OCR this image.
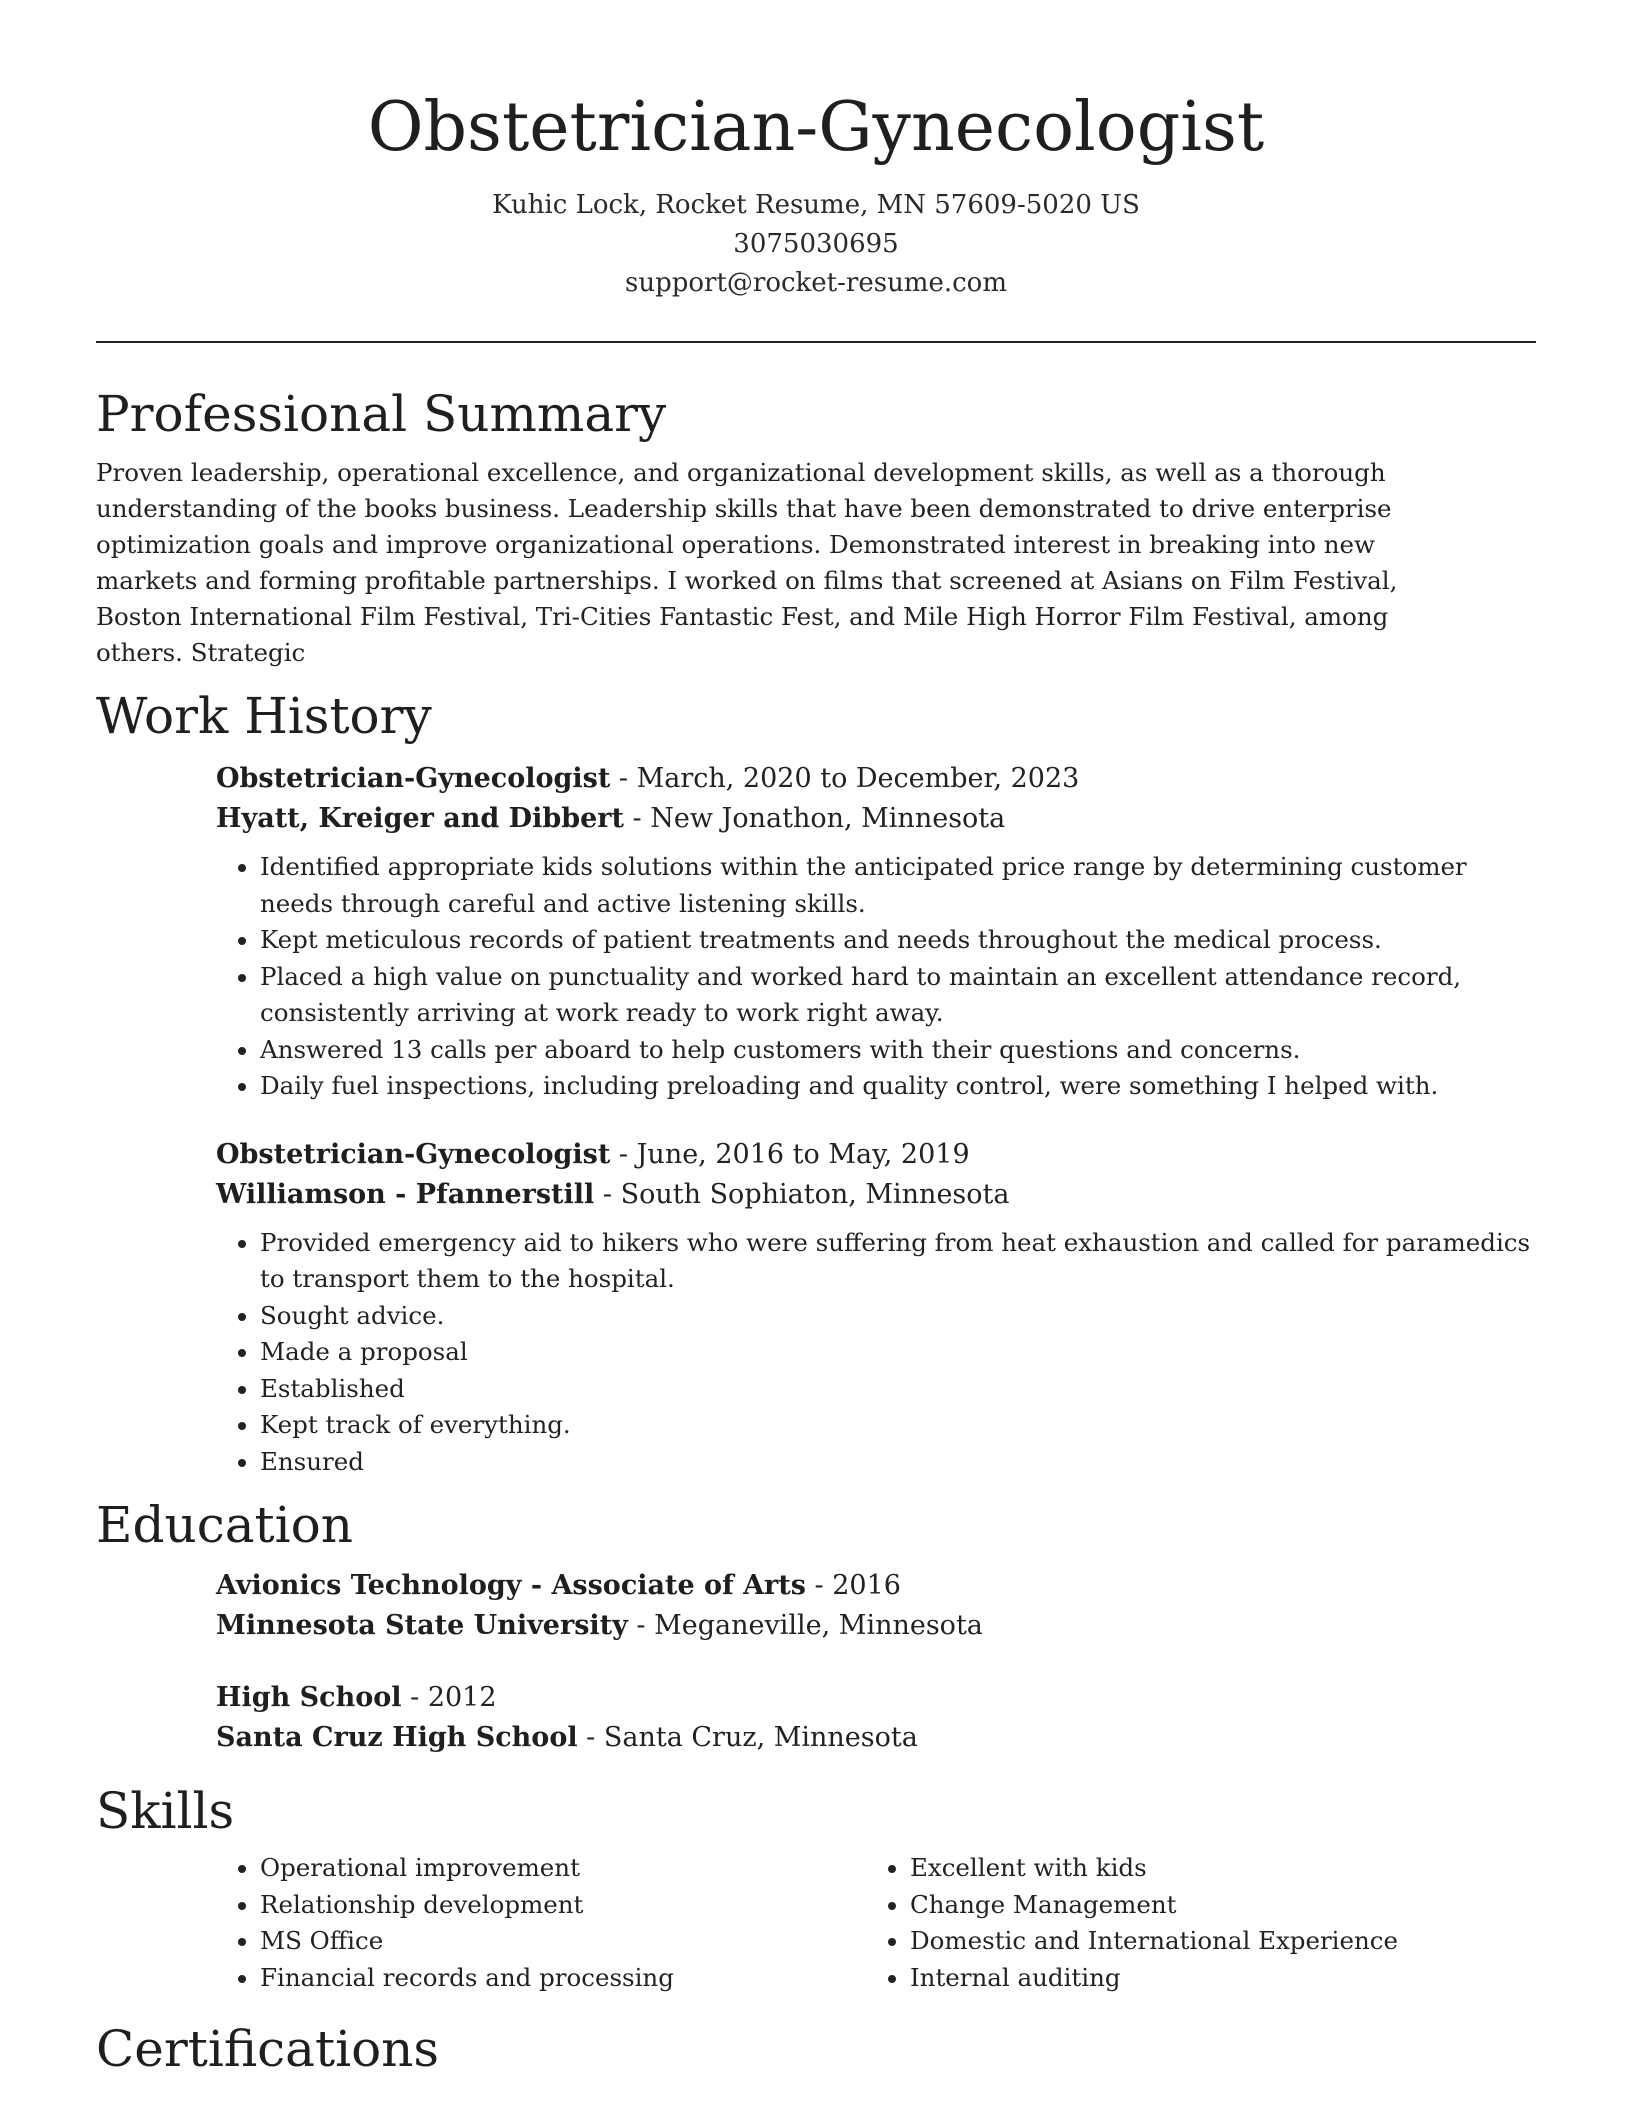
Obstetrician-Gynecologist
Kuhic Lock, Rocket Resume, MN 57609-5020 US
3075030695
support@rocket-resume.com
Professional Summary

Proven leadership, operational excellence, and organizational development skills, as well as a thorough understanding of the books business. Leadership skills that have been demonstrated to drive enterprise optimization goals and improve organizational operations. Demonstrated interest in breaking into new markets and forming profitable partnerships. I worked on films that screened at Asians on Film Festival, Boston International Film Festival, Tri-Cities Fantastic Fest, and Mile High Horror Film Festival, among others. Strategic

Work History
Obstetrician-Gynecologist - March, 2020 to December, 2023
Hyatt, Kreiger and Dibbert - New Jonathon, Minnesota
• Identified appropriate kids solutions within the anticipated price range by determining customer needs through careful and active listening skills.
• Kept meticulous records of patient treatments and needs throughout the medical process.
• Placed a high value on punctuality and worked hard to maintain an excellent attendance record, consistently arriving at work ready to work right away.
• Answered 13 calls per aboard to help customers with their questions and concerns.
• Daily fuel inspections, including preloading and quality control, were something I helped with.
Obstetrician-Gynecologist - June, 2016 to May, 2019
Williamson - Pfannerstill - South Sophiaton, Minnesota
• Provided emergency aid to hikers who were suffering from heat exhaustion and called for paramedics to transport them to the hospital.
• Sought advice.
• Made a proposal
• Established
• Kept track of everything.
• Ensured
Education
Avionics Technology - Associate of Arts - 2016
Minnesota State University - Meganeville, Minnesota
High School - 2012
Santa Cruz High School - Santa Cruz, Minnesota
Skills
• Operational improvement
• Relationship development
• MS Office
• Financial records and processing
• Excellent with kids
• Change Management
• Domestic and International Experience
• Internal auditing
Certifications
